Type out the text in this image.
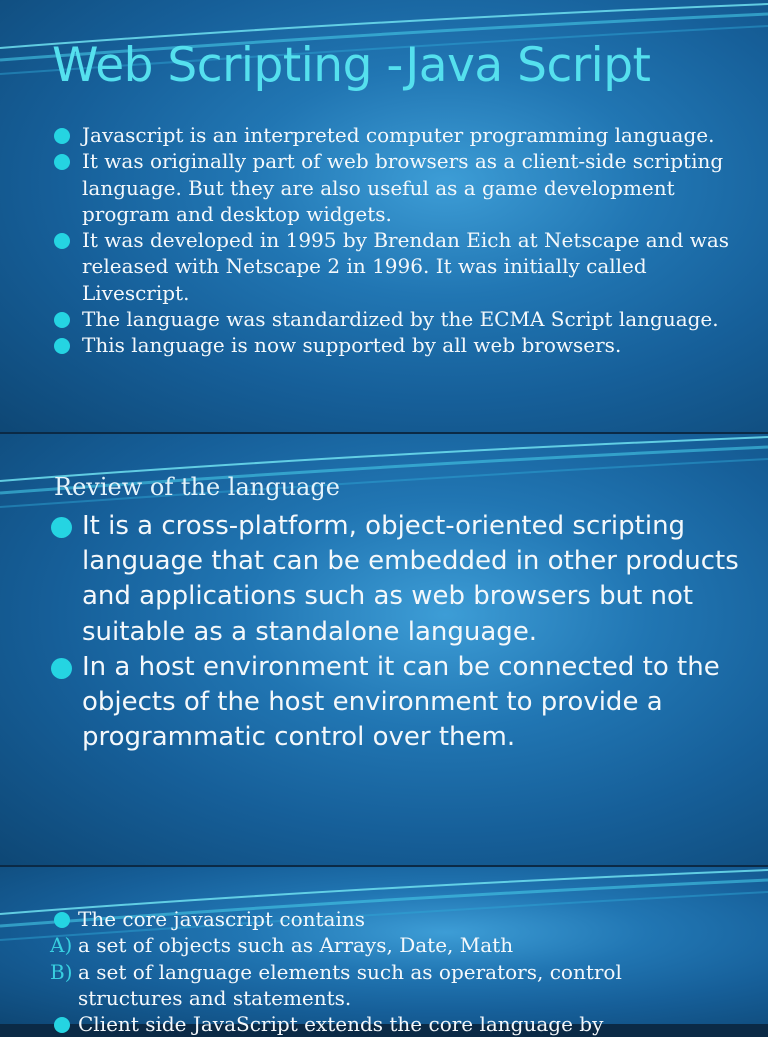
Web Scripting -Java Script
Javascript is an interpreted computer programming language.
It was originally part of web browsers as a client-side scripting language. But they are also useful as a game development program and desktop widgets.
It was developed in 1995 by Brendan Eich at Netscape and was released with Netscape 2 in 1996. It was initially called Livescript.
The language was standardized by the ECMA Script language.
This language is now supported by all web browsers.
Review of the language
It is a cross-platform, object-oriented scripting language that can be embedded in other products and applications such as web browsers but not suitable as a standalone language.
In a host environment it can be connected to the objects of the host environment to provide a programmatic control over them.
The core javascript contains
A) a set of objects such as Arrays, Date, Math
B) a set of language elements such as operators, control structures and statements.
Client side JavaScript extends the core language by
